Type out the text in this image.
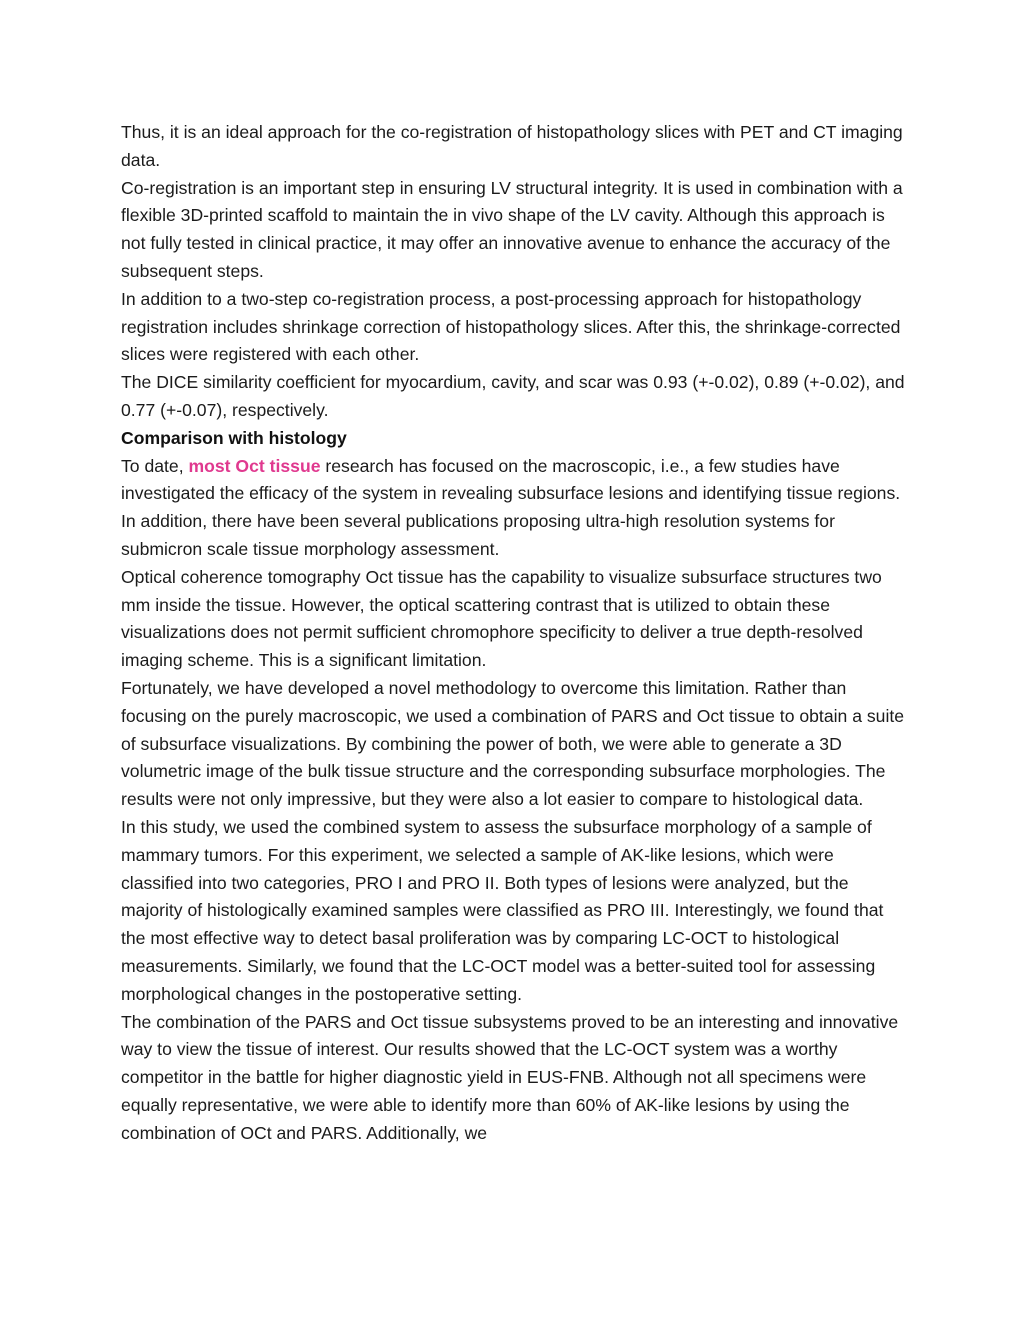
Thus, it is an ideal approach for the co-registration of histopathology slices with PET and CT imaging data.

Co-registration is an important step in ensuring LV structural integrity. It is used in combination with a flexible 3D-printed scaffold to maintain the in vivo shape of the LV cavity. Although this approach is not fully tested in clinical practice, it may offer an innovative avenue to enhance the accuracy of the subsequent steps.

In addition to a two-step co-registration process, a post-processing approach for histopathology registration includes shrinkage correction of histopathology slices. After this, the shrinkage-corrected slices were registered with each other.

The DICE similarity coefficient for myocardium, cavity, and scar was 0.93 (+-0.02), 0.89 (+-0.02), and 0.77 (+-0.07), respectively.

Comparison with histology

To date, most Oct tissue research has focused on the macroscopic, i.e., a few studies have investigated the efficacy of the system in revealing subsurface lesions and identifying tissue regions. In addition, there have been several publications proposing ultra-high resolution systems for submicron scale tissue morphology assessment.

Optical coherence tomography Oct tissue has the capability to visualize subsurface structures two mm inside the tissue. However, the optical scattering contrast that is utilized to obtain these visualizations does not permit sufficient chromophore specificity to deliver a true depth-resolved imaging scheme. This is a significant limitation.

Fortunately, we have developed a novel methodology to overcome this limitation. Rather than focusing on the purely macroscopic, we used a combination of PARS and Oct tissue to obtain a suite of subsurface visualizations. By combining the power of both, we were able to generate a 3D volumetric image of the bulk tissue structure and the corresponding subsurface morphologies. The results were not only impressive, but they were also a lot easier to compare to histological data.

In this study, we used the combined system to assess the subsurface morphology of a sample of mammary tumors. For this experiment, we selected a sample of AK-like lesions, which were classified into two categories, PRO I and PRO II. Both types of lesions were analyzed, but the majority of histologically examined samples were classified as PRO III. Interestingly, we found that the most effective way to detect basal proliferation was by comparing LC-OCT to histological measurements. Similarly, we found that the LC-OCT model was a better-suited tool for assessing morphological changes in the postoperative setting.

The combination of the PARS and Oct tissue subsystems proved to be an interesting and innovative way to view the tissue of interest. Our results showed that the LC-OCT system was a worthy competitor in the battle for higher diagnostic yield in EUS-FNB. Although not all specimens were equally representative, we were able to identify more than 60% of AK-like lesions by using the combination of OCt and PARS. Additionally, we
